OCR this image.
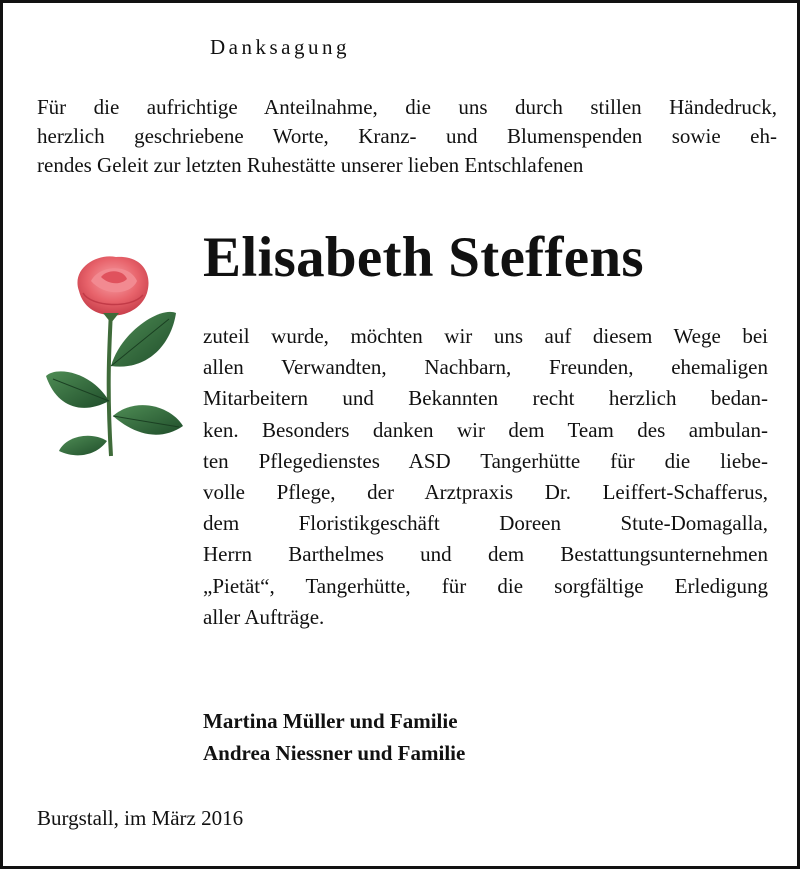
Danksagung
Für die aufrichtige Anteilnahme, die uns durch stillen Händedruck,
herzlich geschriebene Worte, Kranz- und Blumenspenden sowie eh-
rendes Geleit zur letzten Ruhestätte unserer lieben Entschlafenen
Elisabeth Steffens
zuteil wurde, möchten wir uns auf diesem Wege bei
allen Verwandten, Nachbarn, Freunden, ehemaligen
Mitarbeitern und Bekannten recht herzlich bedan-
ken. Besonders danken wir dem Team des ambulan-
ten Pflegedienstes ASD Tangerhütte für die liebe-
volle Pflege, der Arztpraxis Dr. Leiffert-Schafferus,
dem Floristikgeschäft Doreen Stute-Domagalla,
Herrn Barthelmes und dem Bestattungsunternehmen
„Pietät“, Tangerhütte, für die sorgfältige Erledigung
aller Aufträge.
Martina Müller und Familie
Andrea Niessner und Familie
Burgstall, im März 2016
